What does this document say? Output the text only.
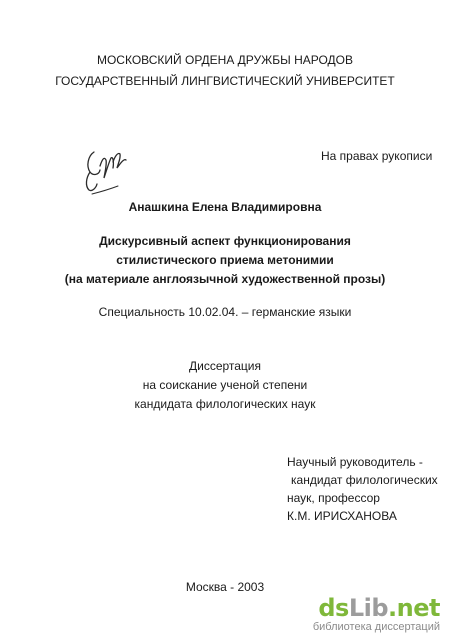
МОСКОВСКИЙ ОРДЕНА ДРУЖБЫ НАРОДОВ
ГОСУДАРСТВЕННЫЙ ЛИНГВИСТИЧЕСКИЙ УНИВЕРСИТЕТ
На правах рукописи
Анашкина Елена Владимировна
Дискурсивный аспект функционирования
стилистического приема метонимии
(на материале англоязычной художественной прозы)
Специальность 10.02.04. – германские языки
Диссертация
на соискание ученой степени
кандидата филологических наук
Научный руководитель -
кандидат филологических
наук, профессор
К.М. ИРИСХАНОВА
Москва - 2003
dsLib.net
библиотека диссертаций
